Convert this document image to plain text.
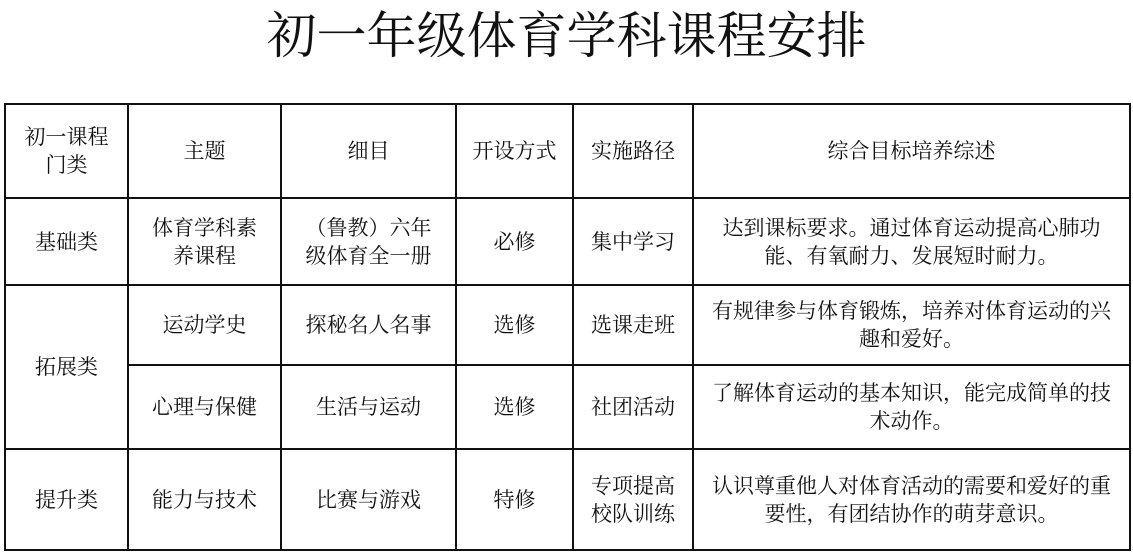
初一年级体育学科课程安排
初一课程门类	主题	细目	开设方式	实施路径	综合目标培养综述
基础类	体育学科素养课程	（鲁教）六年级体育全一册	必修	集中学习	达到课标要求。通过体育运动提高心肺功能、有氧耐力、发展短时耐力。
拓展类	运动学史	探秘名人名事	选修	选课走班	有规律参与体育锻炼，培养对体育运动的兴趣和爱好。
	心理与保健	生活与运动	选修	社团活动	了解体育运动的基本知识，能完成简单的技术动作。
提升类	能力与技术	比赛与游戏	特修	专项提高校队训练	认识尊重他人对体育活动的需要和爱好的重要性，有团结协作的萌芽意识。
